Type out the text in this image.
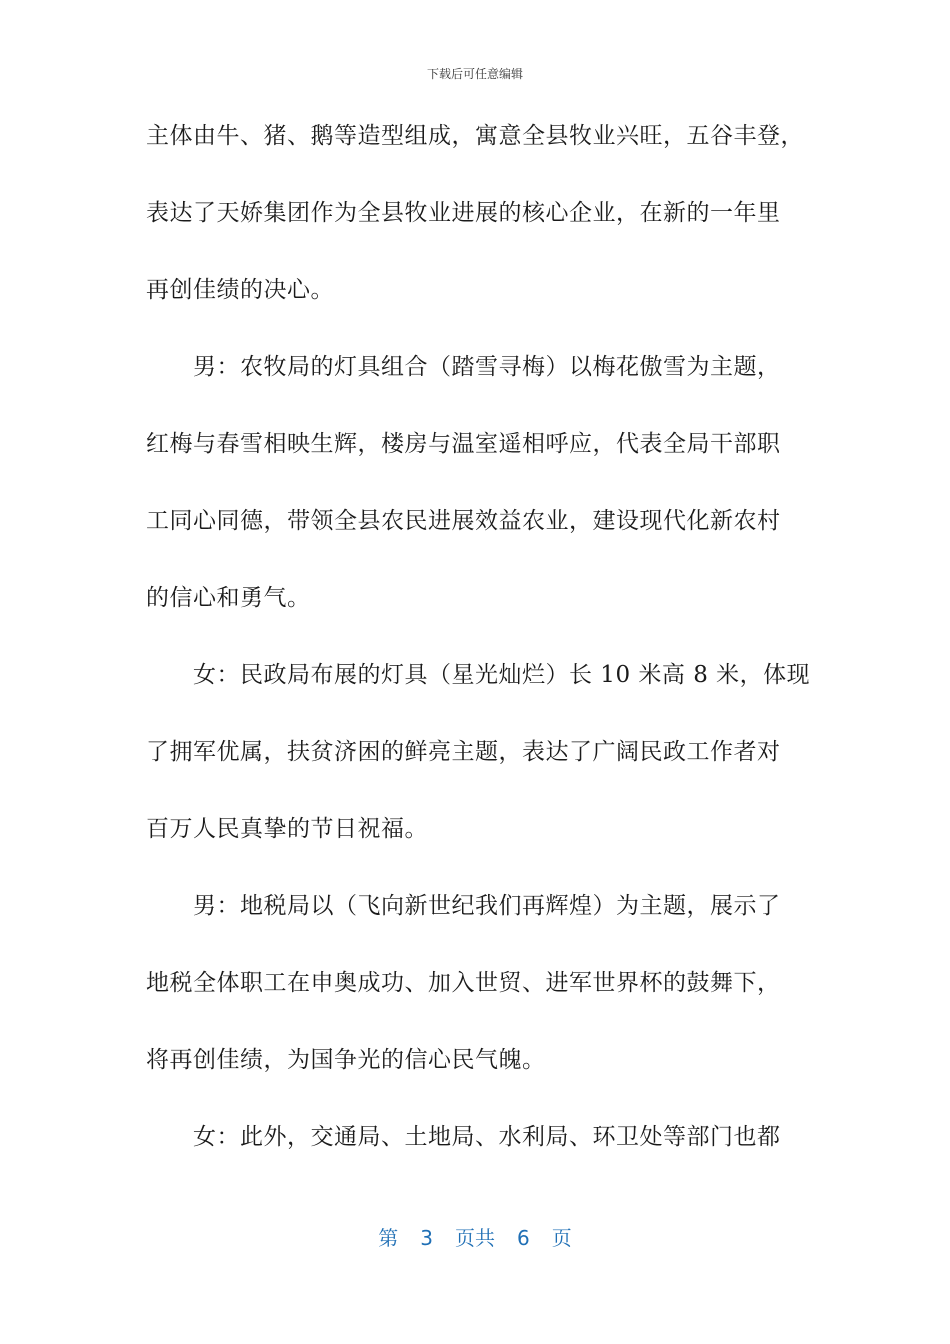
下载后可任意编辑
主体由牛、猪、鹅等造型组成，寓意全县牧业兴旺，五谷丰登，
表达了天娇集团作为全县牧业进展的核心企业，在新的一年里
再创佳绩的决心。
男：农牧局的灯具组合（踏雪寻梅）以梅花傲雪为主题，
红梅与春雪相映生辉，楼房与温室遥相呼应，代表全局干部职
工同心同德，带领全县农民进展效益农业，建设现代化新农村
的信心和勇气。
女：民政局布展的灯具（星光灿烂）长 10 米高 8 米，体现
了拥军优属，扶贫济困的鲜亮主题，表达了广阔民政工作者对
百万人民真挚的节日祝福。
男：地税局以（飞向新世纪我们再辉煌）为主题，展示了
地税全体职工在申奥成功、加入世贸、进军世界杯的鼓舞下，
将再创佳绩，为国争光的信心民气魄。
女：此外，交通局、土地局、水利局、环卫处等部门也都
第 3 页共 6 页
